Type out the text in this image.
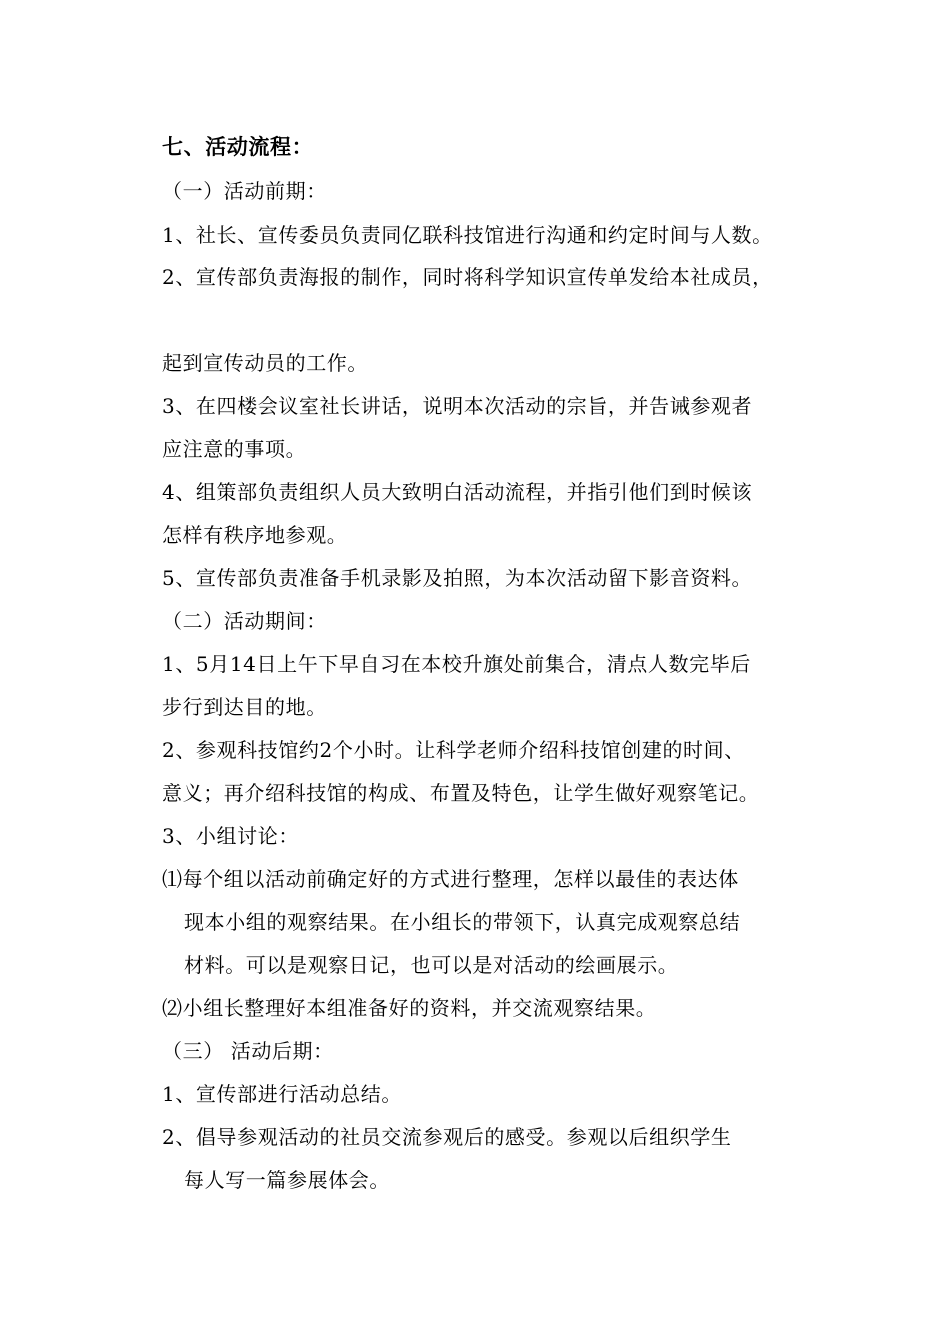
七、活动流程：
（一）活动前期：
1、社长、宣传委员负责同亿联科技馆进行沟通和约定时间与人数。
2、宣传部负责海报的制作，同时将科学知识宣传单发给本社成员，
起到宣传动员的工作。
3、在四楼会议室社长讲话，说明本次活动的宗旨，并告诫参观者
应注意的事项。
4、组策部负责组织人员大致明白活动流程，并指引他们到时候该
怎样有秩序地参观。
5、宣传部负责准备手机录影及拍照，为本次活动留下影音资料。
（二）活动期间：
1、5月14日上午下早自习在本校升旗处前集合，清点人数完毕后
步行到达目的地。
2、参观科技馆约2个小时。让科学老师介绍科技馆创建的时间、
意义；再介绍科技馆的构成、布置及特色，让学生做好观察笔记。
3、小组讨论：
⑴每个组以活动前确定好的方式进行整理，怎样以最佳的表达体
现本小组的观察结果。在小组长的带领下，认真完成观察总结
材料。可以是观察日记，也可以是对活动的绘画展示。
⑵小组长整理好本组准备好的资料，并交流观察结果。
（三） 活动后期：
1、宣传部进行活动总结。
2、倡导参观活动的社员交流参观后的感受。参观以后组织学生
每人写一篇参展体会。
